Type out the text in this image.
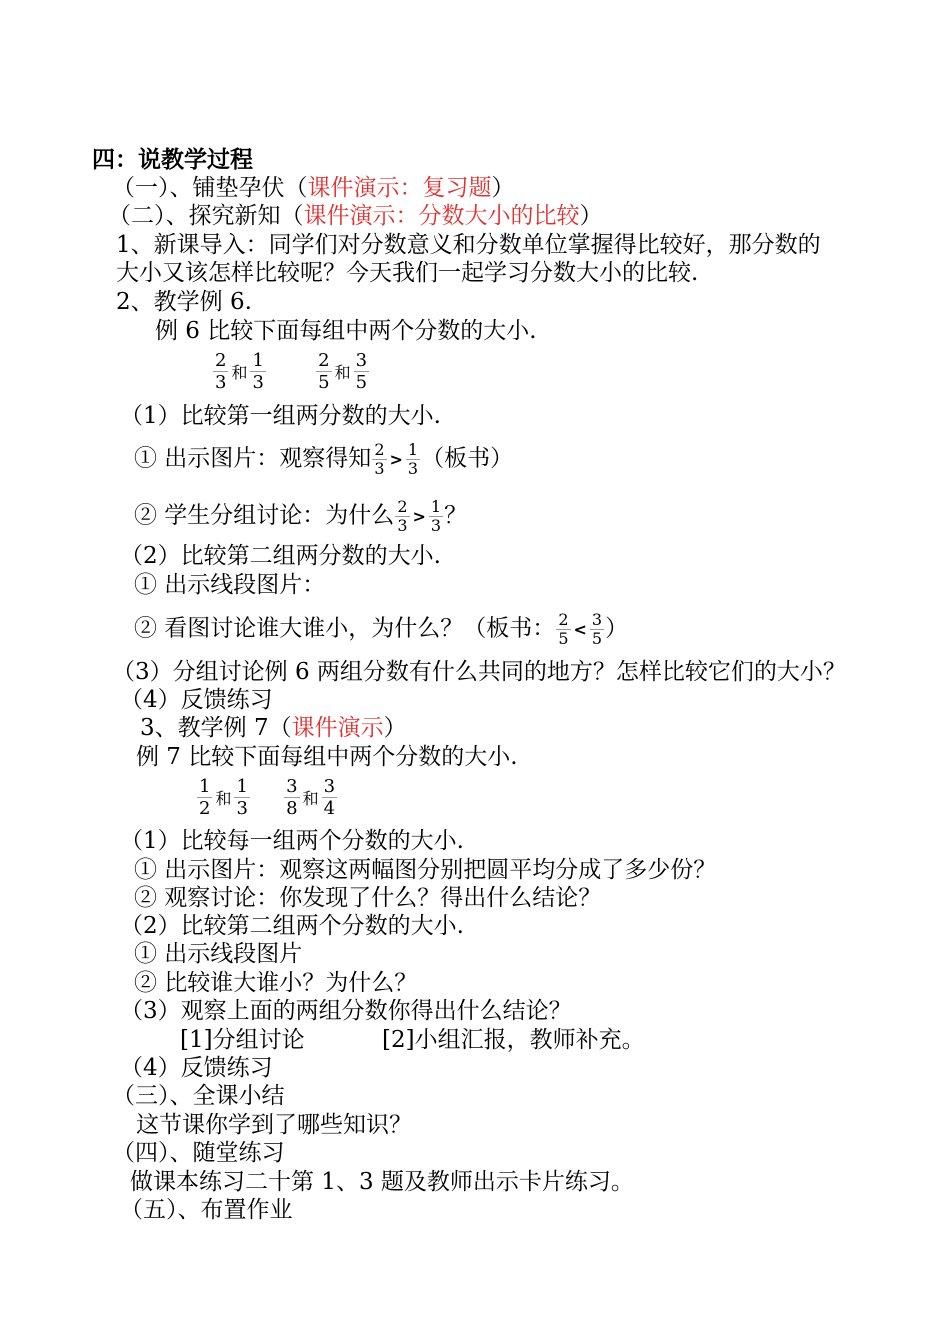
四：说教学过程
（一）、铺垫孕伏（课件演示：复习题）
（二）、探究新知（课件演示：分数大小的比较）
1、新课导入：同学们对分数意义和分数单位掌握得比较好，那分数的
大小又该怎样比较呢？今天我们一起学习分数大小的比较.
2、教学例 6.
例 6 比较下面每组中两个分数的大小.
$\frac{2}{3}$ 和 $\frac{1}{3}$
	$\frac{2}{5}$ 和 $\frac{3}{5}$
（1）比较第一组两分数的大小.
① 出示图片：观察得知 $\frac{2}{3} > \frac{1}{3}$ （板书）
② 学生分组讨论：为什么 $\frac{2}{3} > \frac{1}{3}$ ？
（2）比较第二组两分数的大小.
① 出示线段图片：
② 看图讨论谁大谁小，为什么？（板书： $\frac{2}{5} < \frac{3}{5}$ ）
（3）分组讨论例 6 两组分数有什么共同的地方？怎样比较它们的大小？
（4）反馈练习
3、教学例 7（课件演示）
例 7 比较下面每组中两个分数的大小.
$\frac{1}{2}$ 和 $\frac{1}{3}$
$\frac{3}{8}$ 和 $\frac{3}{4}$
（1）比较每一组两个分数的大小.
① 出示图片：观察这两幅图分别把圆平均分成了多少份？
② 观察讨论：你发现了什么？得出什么结论？
（2）比较第二组两个分数的大小.
① 出示线段图片
② 比较谁大谁小？为什么？
（3）观察上面的两组分数你得出什么结论？
[1]分组讨论	[2]小组汇报，教师补充。
（4）反馈练习
（三）、全课小结
这节课你学到了哪些知识？
（四）、随堂练习
做课本练习二十第 1、3 题及教师出示卡片练习。
（五）、布置作业
